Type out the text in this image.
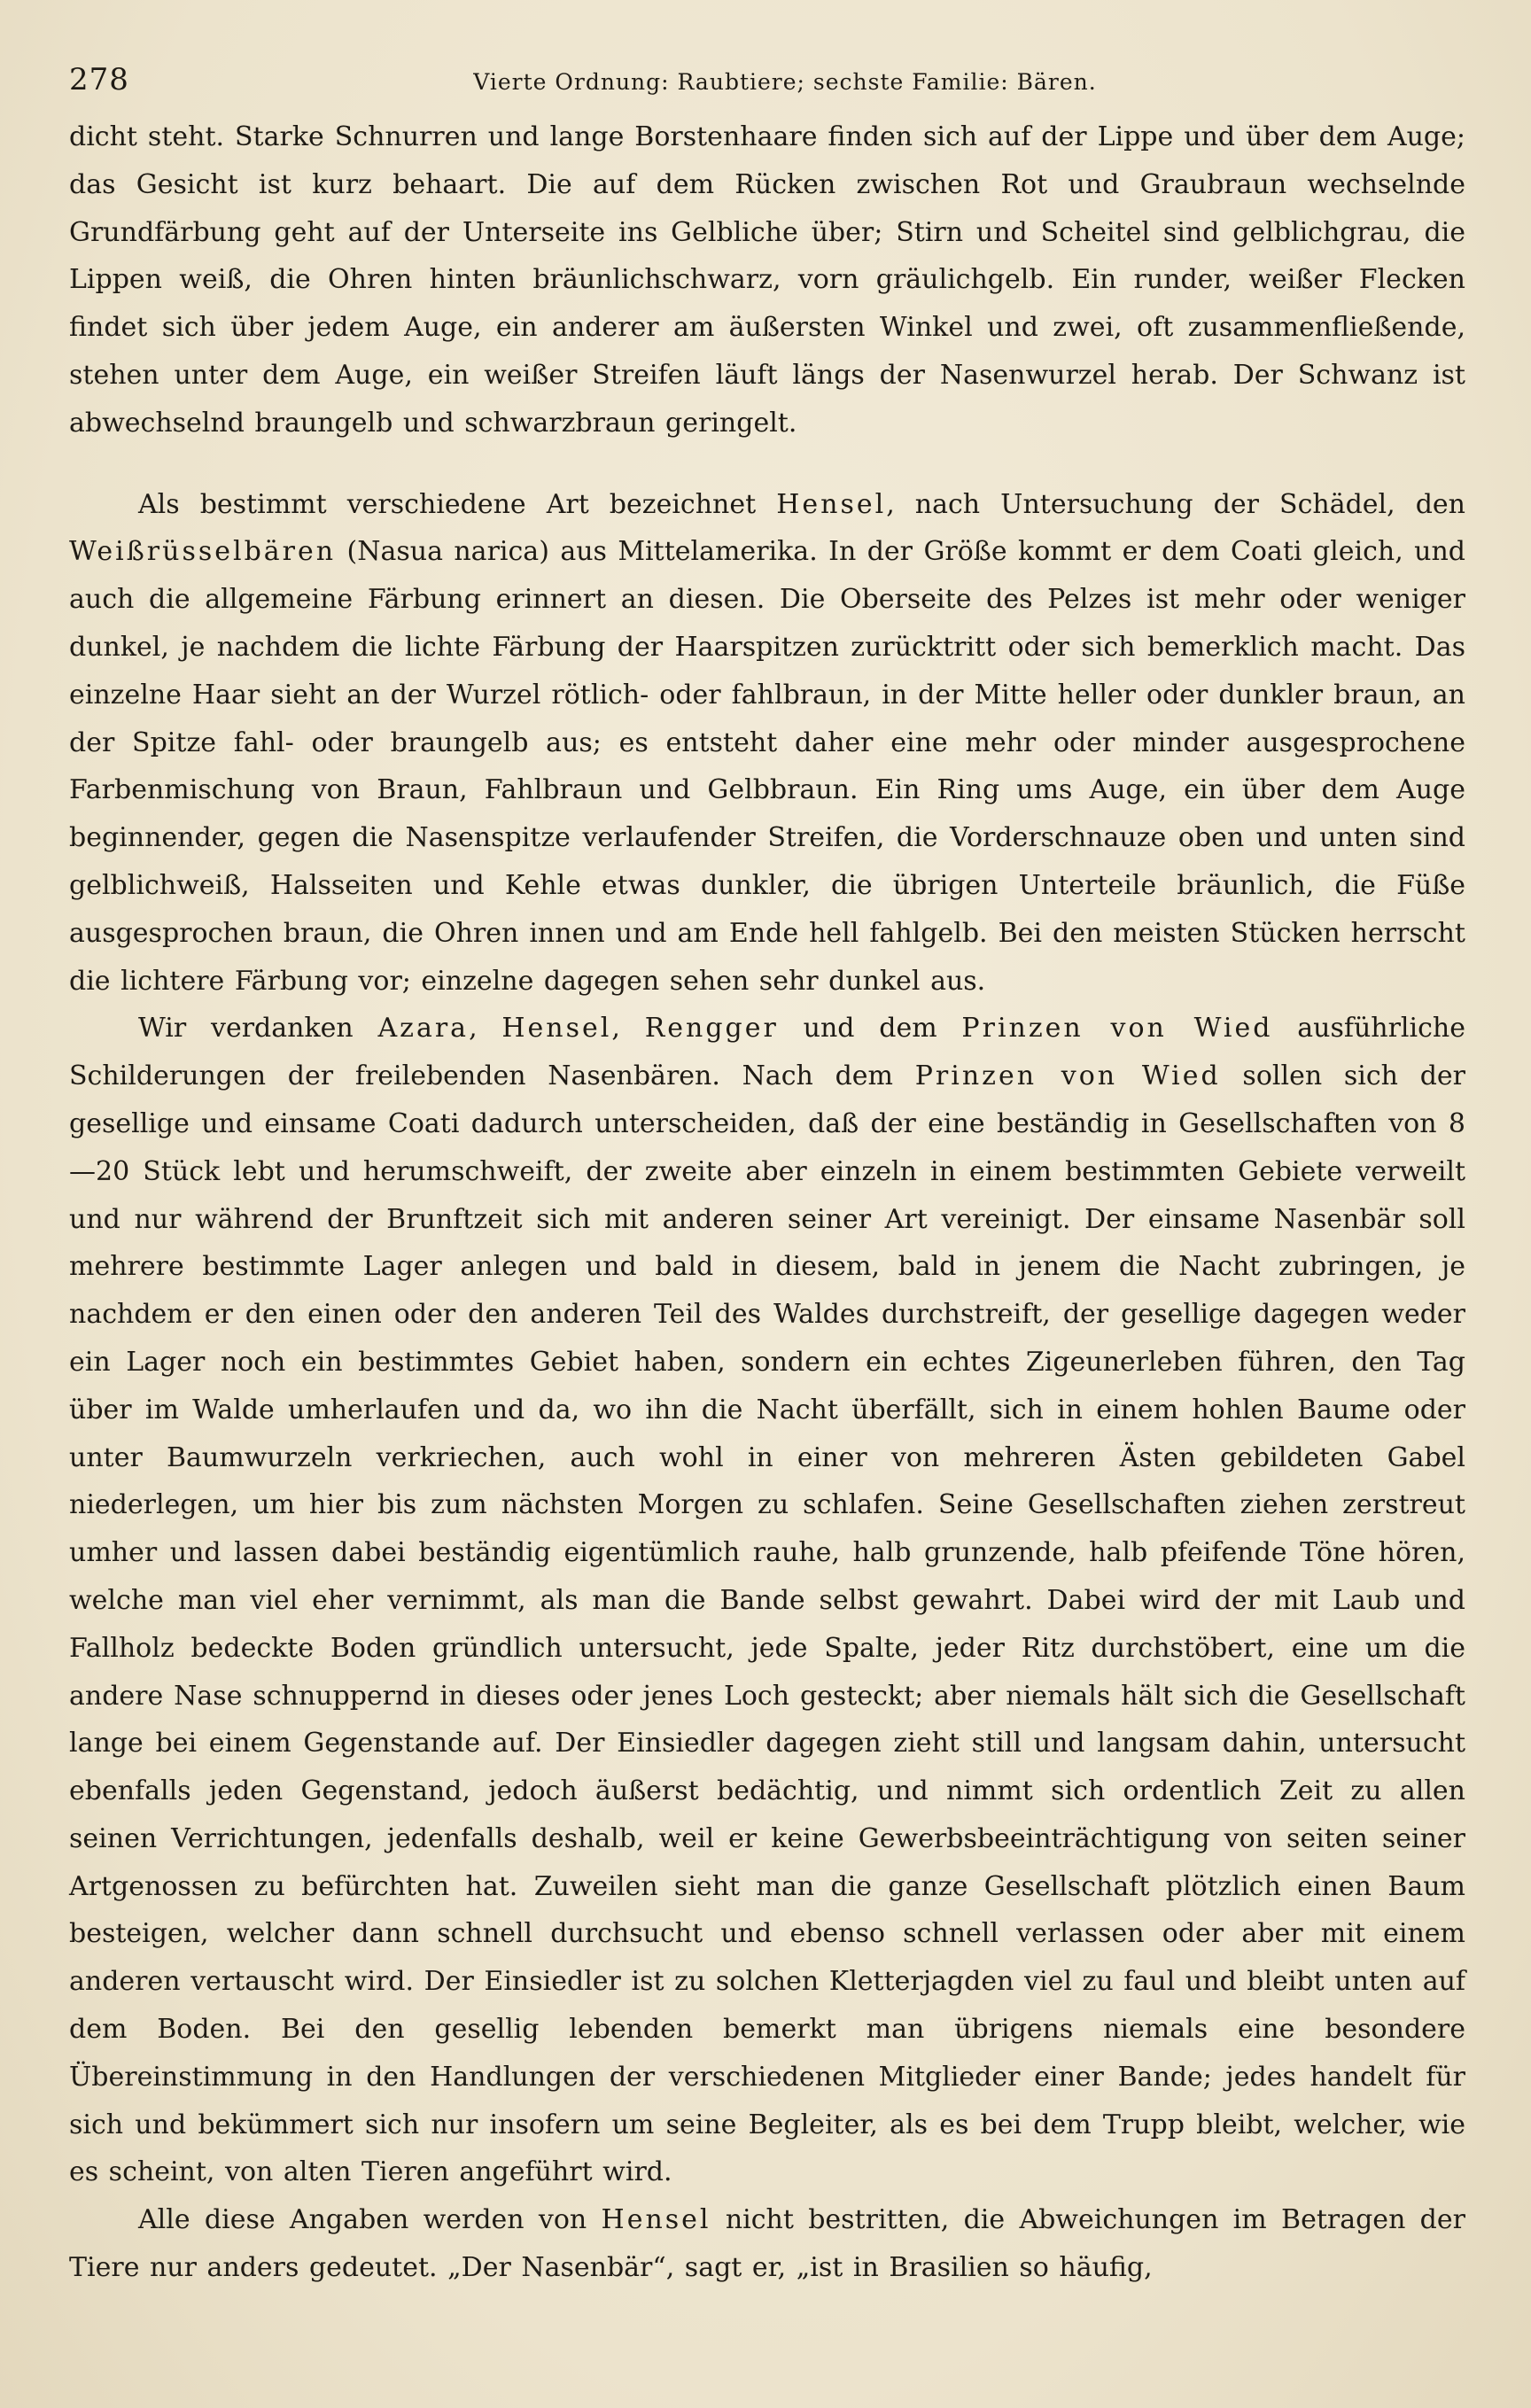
278	Vierte Ordnung: Raubtiere; sechste Familie: Bären.

dicht steht. Starke Schnurren und lange Borstenhaare finden sich auf der Lippe und über dem Auge; das Gesicht ist kurz behaart. Die auf dem Rücken zwischen Rot und Graubraun wechselnde Grundfärbung geht auf der Unterseite ins Gelbliche über; Stirn und Scheitel sind gelblichgrau, die Lippen weiß, die Ohren hinten bräunlichschwarz, vorn gräulichgelb. Ein runder, weißer Flecken findet sich über jedem Auge, ein anderer am äußersten Winkel und zwei, oft zusammenfließende, stehen unter dem Auge, ein weißer Streifen läuft längs der Nasenwurzel herab. Der Schwanz ist abwechselnd braungelb und schwarzbraun geringelt.

Als bestimmt verschiedene Art bezeichnet Hensel, nach Untersuchung der Schädel, den Weißrüsselbären (Nasua narica) aus Mittelamerika. In der Größe kommt er dem Coati gleich, und auch die allgemeine Färbung erinnert an diesen. Die Oberseite des Pelzes ist mehr oder weniger dunkel, je nachdem die lichte Färbung der Haarspitzen zurücktritt oder sich bemerklich macht. Das einzelne Haar sieht an der Wurzel rötlich- oder fahlbraun, in der Mitte heller oder dunkler braun, an der Spitze fahl- oder braungelb aus; es entsteht daher eine mehr oder minder ausgesprochene Farbenmischung von Braun, Fahlbraun und Gelbbraun. Ein Ring ums Auge, ein über dem Auge beginnender, gegen die Nasenspitze verlaufender Streifen, die Vorderschnauze oben und unten sind gelblichweiß, Halsseiten und Kehle etwas dunkler, die übrigen Unterteile bräunlich, die Füße ausgesprochen braun, die Ohren innen und am Ende hell fahlgelb. Bei den meisten Stücken herrscht die lichtere Färbung vor; einzelne dagegen sehen sehr dunkel aus.

Wir verdanken Azara, Hensel, Rengger und dem Prinzen von Wied ausführliche Schilderungen der freilebenden Nasenbären. Nach dem Prinzen von Wied sollen sich der gesellige und einsame Coati dadurch unterscheiden, daß der eine beständig in Gesellschaften von 8—20 Stück lebt und herumschweift, der zweite aber einzeln in einem bestimmten Gebiete verweilt und nur während der Brunftzeit sich mit anderen seiner Art vereinigt. Der einsame Nasenbär soll mehrere bestimmte Lager anlegen und bald in diesem, bald in jenem die Nacht zubringen, je nachdem er den einen oder den anderen Teil des Waldes durchstreift, der gesellige dagegen weder ein Lager noch ein bestimmtes Gebiet haben, sondern ein echtes Zigeunerleben führen, den Tag über im Walde umherlaufen und da, wo ihn die Nacht überfällt, sich in einem hohlen Baume oder unter Baumwurzeln verkriechen, auch wohl in einer von mehreren Ästen gebildeten Gabel niederlegen, um hier bis zum nächsten Morgen zu schlafen. Seine Gesellschaften ziehen zerstreut umher und lassen dabei beständig eigentümlich rauhe, halb grunzende, halb pfeifende Töne hören, welche man viel eher vernimmt, als man die Bande selbst gewahrt. Dabei wird der mit Laub und Fallholz bedeckte Boden gründlich untersucht, jede Spalte, jeder Ritz durchstöbert, eine um die andere Nase schnuppernd in dieses oder jenes Loch gesteckt; aber niemals hält sich die Gesellschaft lange bei einem Gegenstande auf. Der Einsiedler dagegen zieht still und langsam dahin, untersucht ebenfalls jeden Gegenstand, jedoch äußerst bedächtig, und nimmt sich ordentlich Zeit zu allen seinen Verrichtungen, jedenfalls deshalb, weil er keine Gewerbsbeeinträchtigung von seiten seiner Artgenossen zu befürchten hat. Zuweilen sieht man die ganze Gesellschaft plötzlich einen Baum besteigen, welcher dann schnell durchsucht und ebenso schnell verlassen oder aber mit einem anderen vertauscht wird. Der Einsiedler ist zu solchen Kletterjagden viel zu faul und bleibt unten auf dem Boden. Bei den gesellig lebenden bemerkt man übrigens niemals eine besondere Übereinstimmung in den Handlungen der verschiedenen Mitglieder einer Bande; jedes handelt für sich und bekümmert sich nur insofern um seine Begleiter, als es bei dem Trupp bleibt, welcher, wie es scheint, von alten Tieren angeführt wird.

Alle diese Angaben werden von Hensel nicht bestritten, die Abweichungen im Betragen der Tiere nur anders gedeutet. „Der Nasenbär“, sagt er, „ist in Brasilien so häufig,
